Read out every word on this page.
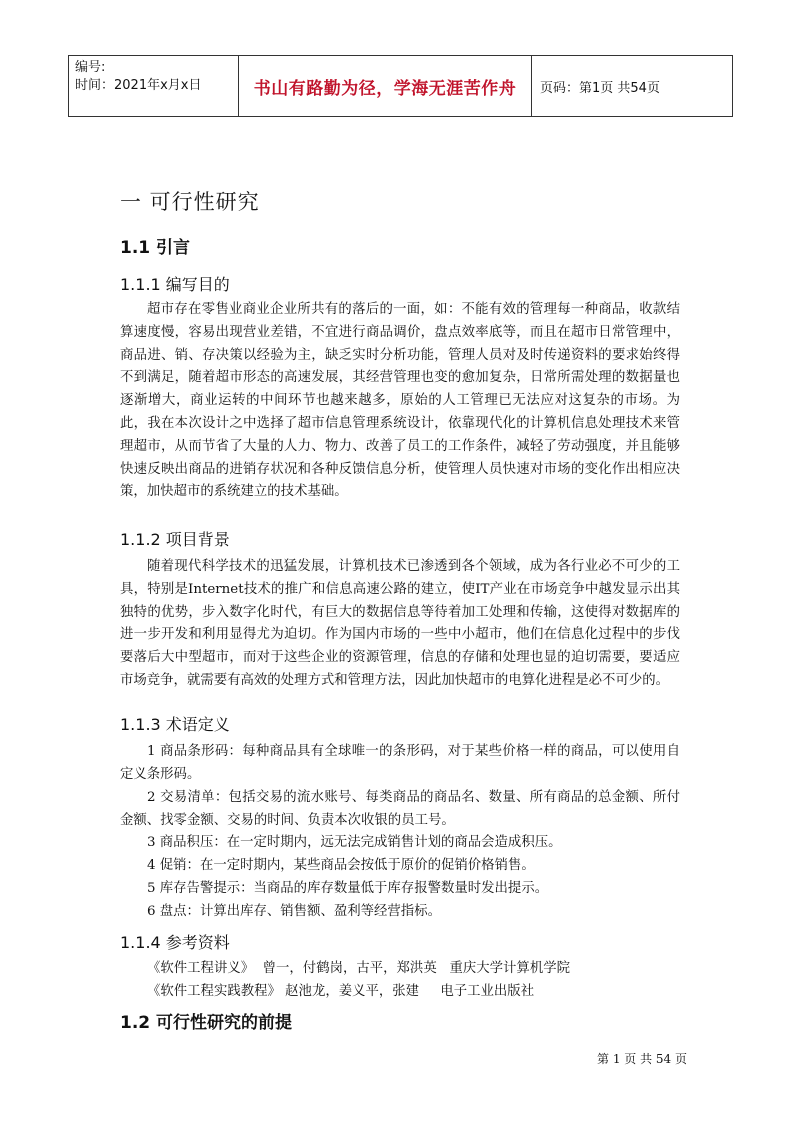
编号:
时间：2021年x月x日	书山有路勤为径，学海无涯苦作舟 页码：第1页 共54页
一 可行性研究
1.1 引言
1.1.1 编写目的

超市存在零售业商业企业所共有的落后的一面，如：不能有效的管理每一种商品，收款结算速度慢，容易出现营业差错，不宜进行商品调价，盘点效率底等，而且在超市日常管理中，商品进、销、存决策以经验为主，缺乏实时分析功能，管理人员对及时传递资料的要求始终得不到满足，随着超市形态的高速发展，其经营管理也变的愈加复杂，日常所需处理的数据量也逐渐增大，商业运转的中间环节也越来越多，原始的人工管理已无法应对这复杂的市场。为此，我在本次设计之中选择了超市信息管理系统设计，依靠现代化的计算机信息处理技术来管理超市，从而节省了大量的人力、物力、改善了员工的工作条件，减轻了劳动强度，并且能够快速反映出商品的进销存状况和各种反馈信息分析，使管理人员快速对市场的变化作出相应决策，加快超市的系统建立的技术基础。

1.1.2 项目背景

随着现代科学技术的迅猛发展，计算机技术已渗透到各个领域，成为各行业必不可少的工具，特别是Internet技术的推广和信息高速公路的建立，使IT产业在市场竞争中越发显示出其独特的优势，步入数字化时代，有巨大的数据信息等待着加工处理和传输，这使得对数据库的进一步开发和利用显得尤为迫切。作为国内市场的一些中小超市，他们在信息化过程中的步伐要落后大中型超市，而对于这些企业的资源管理，信息的存储和处理也显的迫切需要，要适应市场竞争，就需要有高效的处理方式和管理方法，因此加快超市的电算化进程是必不可少的。

1.1.3 术语定义

1 商品条形码：每种商品具有全球唯一的条形码，对于某些价格一样的商品，可以使用自定义条形码。

2 交易清单：包括交易的流水账号、每类商品的商品名、数量、所有商品的总金额、所付金额、找零金额、交易的时间、负责本次收银的员工号。

3 商品积压：在一定时期内，远无法完成销售计划的商品会造成积压。

4 促销：在一定时期内，某些商品会按低于原价的促销价格销售。

5 库存告警提示：当商品的库存数量低于库存报警数量时发出提示。

6 盘点：计算出库存、销售额、盈利等经营指标。

1.1.4 参考资料
《软件工程讲义》  曾一，付鹤岗，古平，郑洪英   重庆大学计算机学院
《软件工程实践教程》 赵池龙，姜义平，张建     电子工业出版社
1.2 可行性研究的前提
第 1 页 共 54 页
